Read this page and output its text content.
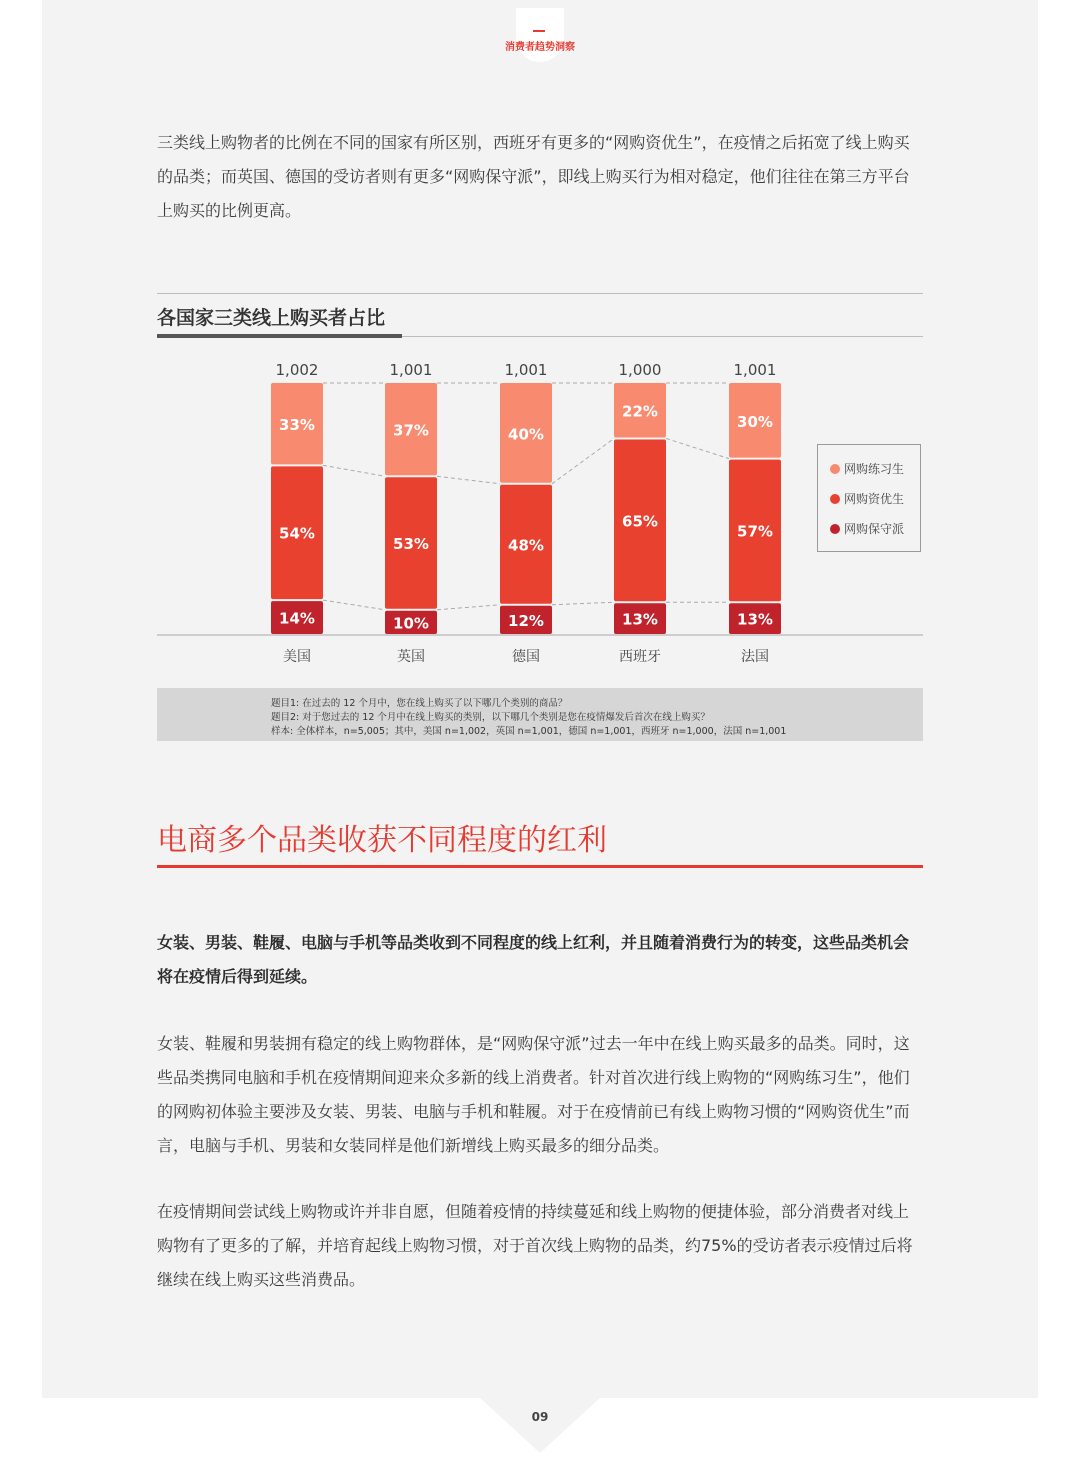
消费者趋势洞察

三类线上购物者的比例在不同的国家有所区别，西班牙有更多的“网购资优生”，在疫情之后拓宽了线上购买的品类；而英国、德国的受访者则有更多“网购保守派”，即线上购买行为相对稳定，他们往往在第三方平台上购买的比例更高。

各国家三类线上购买者占比
14%
54%
33%
1,002
美国
10%
53%
37%
1,001
英国
12%
48%
40%
1,001
德国
13%
65%
22%
1,000
西班牙
13%
57%
30%
1,001
法国
网购练习生
网购资优生
网购保守派
题目1: 在过去的 12 个月中，您在线上购买了以下哪几个类别的商品？
题目2: 对于您过去的 12 个月中在线上购买的类别，以下哪几个类别是您在疫情爆发后首次在线上购买？
样本: 全体样本，n=5,005；其中，美国 n=1,002，英国 n=1,001，德国 n=1,001，西班牙 n=1,000，法国 n=1,001
电商多个品类收获不同程度的红利

女装、男装、鞋履、电脑与手机等品类收到不同程度的线上红利，并且随着消费行为的转变，这些品类机会将在疫情后得到延续。

女装、鞋履和男装拥有稳定的线上购物群体，是“网购保守派”过去一年中在线上购买最多的品类。同时，这些品类携同电脑和手机在疫情期间迎来众多新的线上消费者。针对首次进行线上购物的“网购练习生”，他们的网购初体验主要涉及女装、男装、电脑与手机和鞋履。对于在疫情前已有线上购物习惯的“网购资优生”而言，电脑与手机、男装和女装同样是他们新增线上购买最多的细分品类。

在疫情期间尝试线上购物或许并非自愿，但随着疫情的持续蔓延和线上购物的便捷体验，部分消费者对线上购物有了更多的了解，并培育起线上购物习惯，对于首次线上购物的品类，约75%的受访者表示疫情过后将继续在线上购买这些消费品。

09
